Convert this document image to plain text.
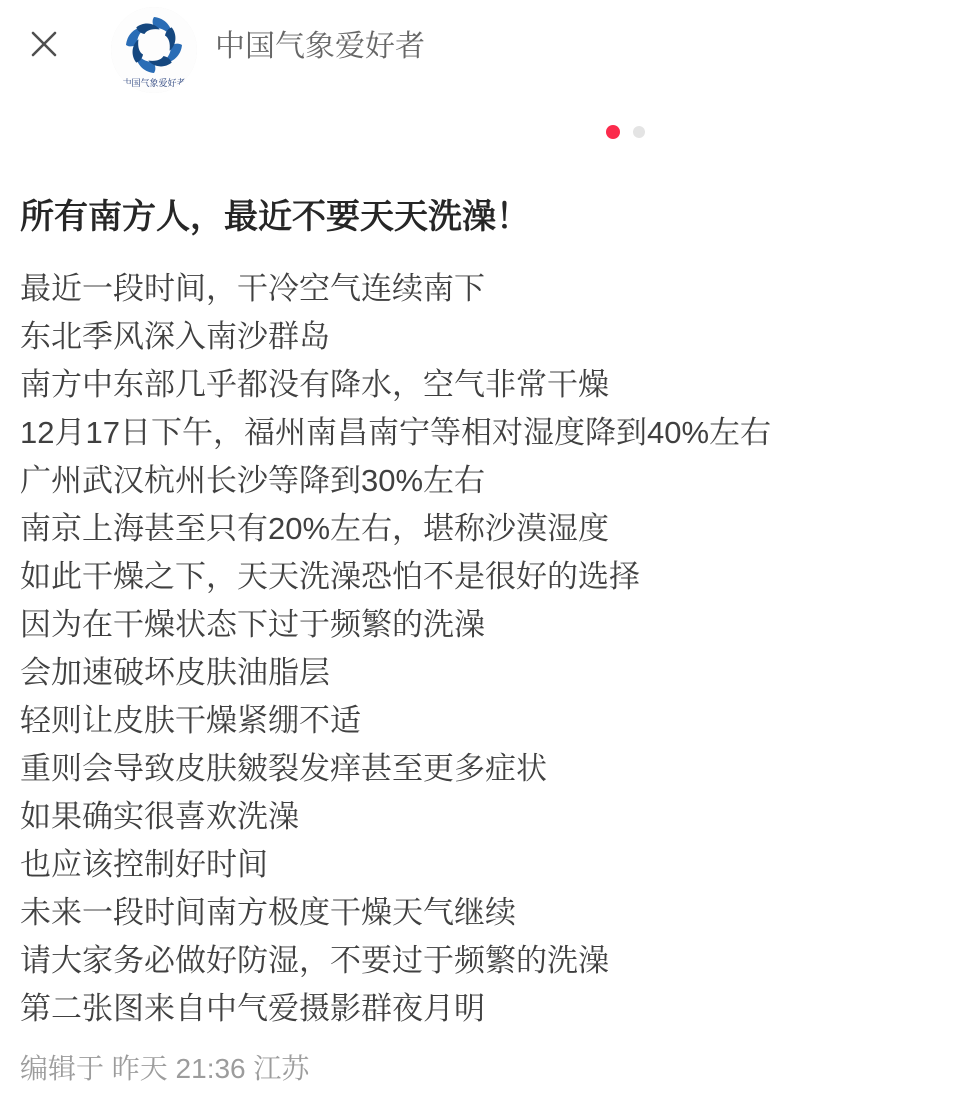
中国气象爱好者
中国气象爱好者
所有南方人，最近不要天天洗澡！

最近一段时间，干冷空气连续南下

东北季风深入南沙群岛

南方中东部几乎都没有降水，空气非常干燥

12月17日下午，福州南昌南宁等相对湿度降到40%左右

广州武汉杭州长沙等降到30%左右

南京上海甚至只有20%左右，堪称沙漠湿度

如此干燥之下，天天洗澡恐怕不是很好的选择

因为在干燥状态下过于频繁的洗澡

会加速破坏皮肤油脂层

轻则让皮肤干燥紧绷不适

重则会导致皮肤皴裂发痒甚至更多症状

如果确实很喜欢洗澡

也应该控制好时间

未来一段时间南方极度干燥天气继续

请大家务必做好防湿，不要过于频繁的洗澡

第二张图来自中气爱摄影群夜月明

编辑于 昨天 21:36 江苏
